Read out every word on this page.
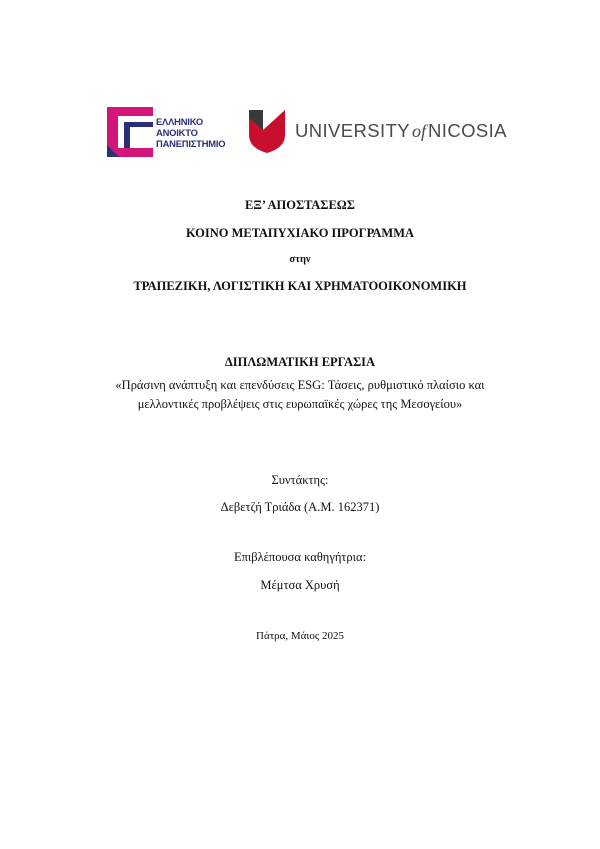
ΕΛΛΗΝΙΚΟ
ΑΝΟΙΚΤΟ
ΠΑΝΕΠΙΣΤΗΜΙΟ
UNIVERSITY of NICOSIA
ΕΞ’ ΑΠΟΣΤΑΣΕΩΣ
ΚΟΙΝΟ ΜΕΤΑΠΥΧΙΑΚΟ ΠΡΟΓΡΑΜΜΑ
στην
ΤΡΑΠΕΖΙΚΗ, ΛΟΓΙΣΤΙΚΗ ΚΑΙ ΧΡΗΜΑΤΟΟΙΚΟΝΟΜΙΚΗ
ΔΙΠΛΩΜΑΤΙΚΗ ΕΡΓΑΣΙΑ
«Πράσινη ανάπτυξη και επενδύσεις ESG: Τάσεις, ρυθμιστικό πλαίσιο και
μελλοντικές προβλέψεις στις ευρωπαϊκές χώρες της Μεσογείου»
Συντάκτης:
Δεβετζή Τριάδα (Α.Μ. 162371)
Επιβλέπουσα καθηγήτρια:
Μέμτσα Χρυσή
Πάτρα, Μάιος 2025
